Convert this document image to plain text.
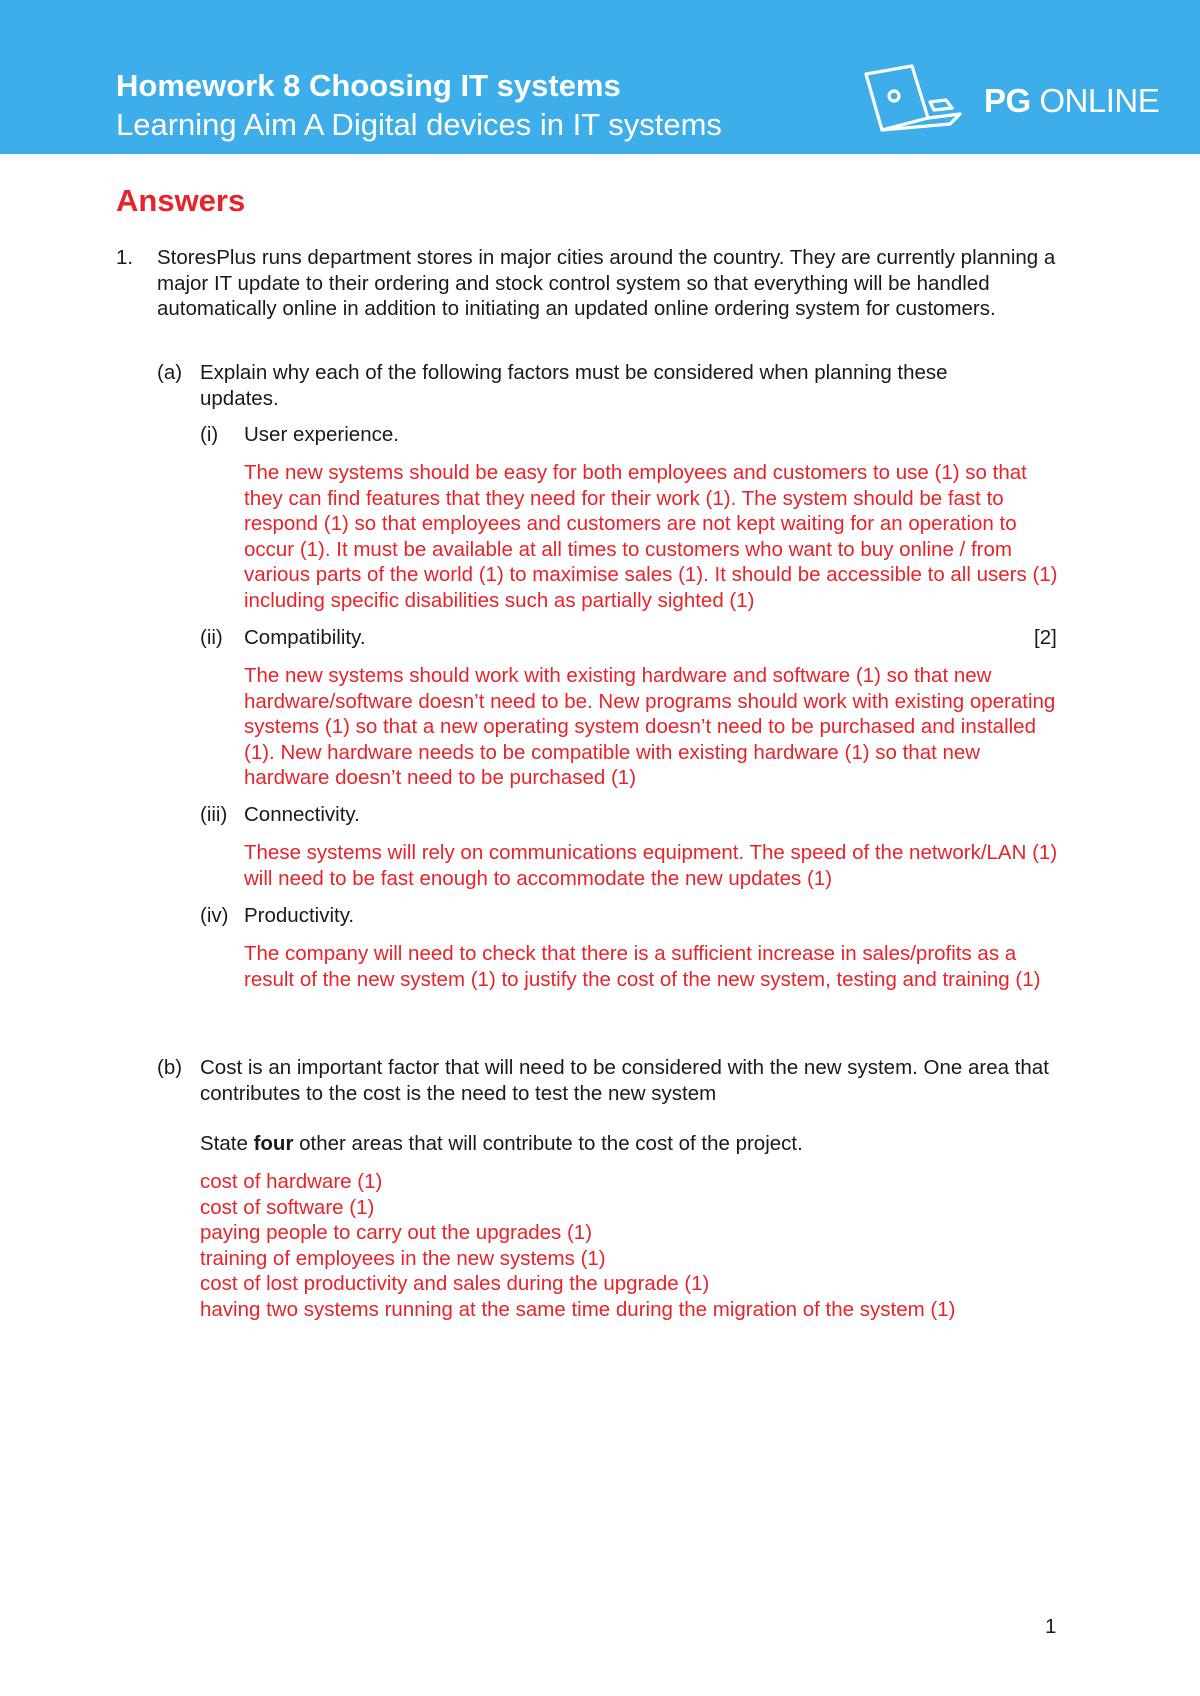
Homework 8 Choosing IT systems
Learning Aim A Digital devices in IT systems
PG ONLINE
Answers
1. StoresPlus runs department stores in major cities around the country. They are currently planning a major IT update to their ordering and stock control system so that everything will be handled automatically online in addition to initiating an updated online ordering system for customers.
(a) Explain why each of the following factors must be considered when planning these updates.
(i) User experience.
The new systems should be easy for both employees and customers to use (1) so that they can find features that they need for their work (1). The system should be fast to respond (1) so that employees and customers are not kept waiting for an operation to occur (1). It must be available at all times to customers who want to buy online / from various parts of the world (1) to maximise sales (1). It should be accessible to all users (1) including specific disabilities such as partially sighted (1)
(ii) Compatibility.	[2]
The new systems should work with existing hardware and software (1) so that new hardware/software doesn’t need to be. New programs should work with existing operating systems (1) so that a new operating system doesn’t need to be purchased and installed (1). New hardware needs to be compatible with existing hardware (1) so that new hardware doesn’t need to be purchased (1)
(iii) Connectivity.
These systems will rely on communications equipment. The speed of the network/LAN (1) will need to be fast enough to accommodate the new updates (1)
(iv) Productivity.
The company will need to check that there is a sufficient increase in sales/profits as a result of the new system (1) to justify the cost of the new system, testing and training (1)
(b) Cost is an important factor that will need to be considered with the new system. One area that contributes to the cost is the need to test the new system
State four other areas that will contribute to the cost of the project.
cost of hardware (1)
cost of software (1)
paying people to carry out the upgrades (1)
training of employees in the new systems (1)
cost of lost productivity and sales during the upgrade (1)
having two systems running at the same time during the migration of the system (1)
1
